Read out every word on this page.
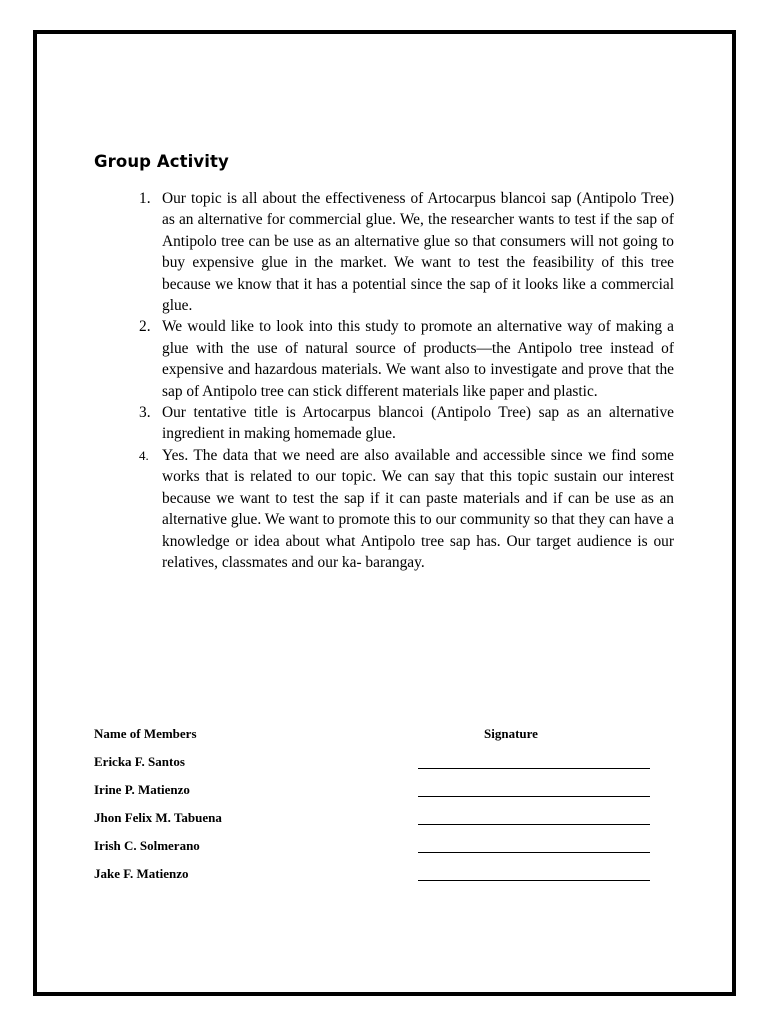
Group Activity
1. Our topic is all about the effectiveness of Artocarpus blancoi sap (Antipolo Tree) as an alternative for commercial glue. We, the researcher wants to test if the sap of Antipolo tree can be use as an alternative glue so that consumers will not going to buy expensive glue in the market. We want to test the feasibility of this tree because we know that it has a potential since the sap of it looks like a commercial glue.
2. We would like to look into this study to promote an alternative way of making a glue with the use of natural source of products—the Antipolo tree instead of expensive and hazardous materials. We want also to investigate and prove that the sap of Antipolo tree can stick different materials like paper and plastic.
3. Our tentative title is Artocarpus blancoi (Antipolo Tree) sap as an alternative ingredient in making homemade glue.
4. Yes. The data that we need are also available and accessible since we find some works that is related to our topic. We can say that this topic sustain our interest because we want to test the sap if it can paste materials and if can be use as an alternative glue. We want to promote this to our community so that they can have a knowledge or idea about what Antipolo tree sap has. Our target audience is our relatives, classmates and our ka- barangay.
Name of Members	Signature
Ericka F. Santos
Irine P. Matienzo
Jhon Felix M. Tabuena
Irish C. Solmerano
Jake F. Matienzo
